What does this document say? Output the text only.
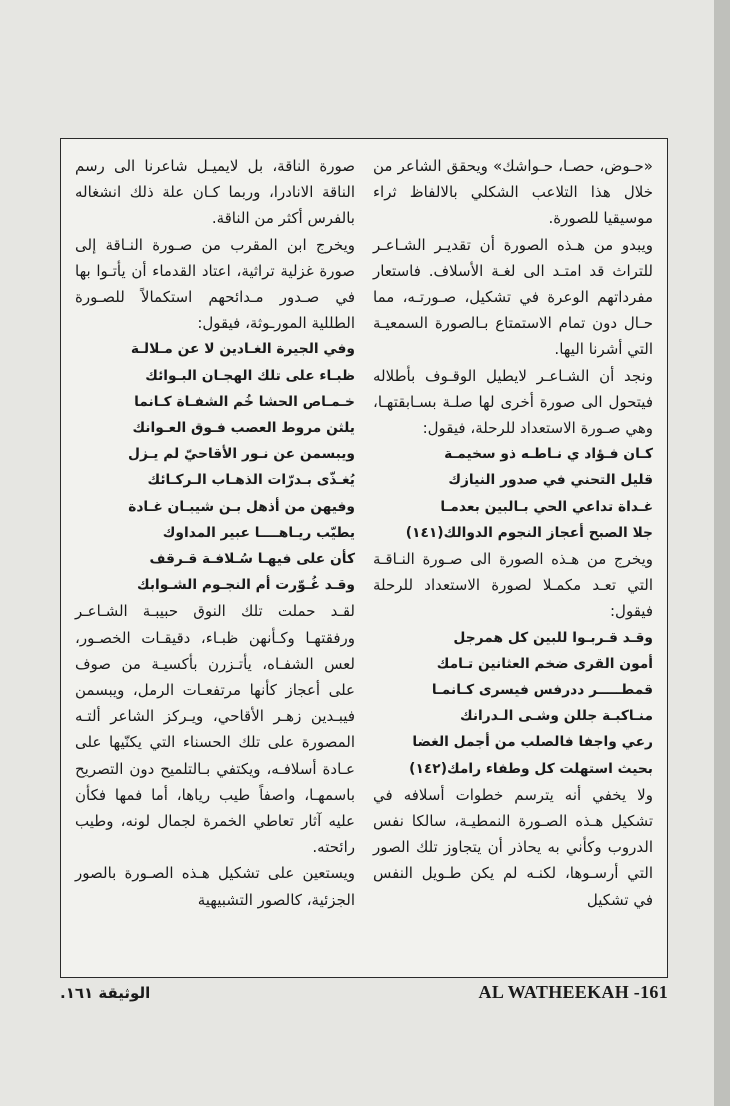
«حـوض، حصـا، حـواشك» ويحقق الشاعر من خلال هذا التلاعب الشكلي بالالفاظ ثراء موسيقيا للصورة.

ويبدو من هـذه الصورة أن تقديـر الشـاعـر للتراث قد امتـد الى لغـة الأسلاف. فاستعار مفرداتهم الوعرة في تشكيل، صـورتـه، مما حـال دون تمام الاستمتاع بـالصورة السمعيـة التي أشرنا اليها.

ونجد أن الشـاعـر لايطيل الوقـوف بأطلاله فيتحول الى صورة أخرى لها صلـة بسـابقتهـا، وهي صـورة الاستعداد للرحلة، فيقول:

كـان فـؤاد ي نـاطـه ذو سخيمـة

قليل التحني في صدور النيازك

غـداة تداعي الحي بـالبين بعدمـا

جلا الصبح أعجاز النجوم الدوالك(١٤١)

ويخرج من هـذه الصورة الى صـورة النـاقـة التي تعـد مكمـلا لصورة الاستعداد للرحلة فيقول:

وقـد قـربـوا للبين كل همرجل

أمون القرى ضخم العثانين تـامك

قمطـــــر ددرفس فيسرى كـانمـا

منـاكبـة جللن وشـى الـدرانك

رعي واجفا فالصلب من أجمل الغضا

بحيث استهلت كل وطفاء رامك(١٤٢)

ولا يخفي أنه يترسم خطوات أسلافه في تشكيل هـذه الصـورة النمطيـة، سالكا نفس الدروب وكأني به يحاذر أن يتجاوز تلك الصور التي أرسـوها، لكنـه لم يكن طـويل النفس في تشكيل

صورة الناقة، بل لايميـل شاعرنا الى رسم الناقة الانادرا، وربما كـان علة ذلك انشغاله بالفرس أكثر من الناقة.

ويخرج ابن المقرب من صـورة النـاقة إلى صورة غزلية تراثية، اعتاد القدماء أن يأتـوا بها في صـدور مـدائحهم استكمالاً للصـورة الطللية المورـوثة، فيقول:

وفي الجيرة الغـادين لا عن مـلالـة

ظبـاء على تلك الهجـان البـوائك

خـمـاص الحشا خُم الشفـاة كـانما

يلثن مروط العصب فـوق العـوانك

ويبسمن عن نـور الأقاحيّ لم يـزل

يُغـذّى بـدرّات الذهـاب الـركـائك

وفيهن من أذهل بـن شيبـان غـادة

يطيّب ريـاهــــا عبير المداوك

كأن على فيهـا سُـلافـة قـرقف

وقـد غُـوّرت أم النجـوم الشـوابك

لقـد حملت تلك النوق حبيبـة الشـاعـر ورفقتهـا وكـأنهن ظبـاء، دقيقـات الخصـور، لعس الشفـاه، يأتـزرن بأكسيـة من صوف على أعجاز كأنها مرتفعـات الرمل، ويبسمن فيبـدين زهـر الأقاحي، ويـركز الشاعر ألتـه المصورة على تلك الحسناء التي يكنّيها على عـادة أسلافـه، ويكتفي بـالتلميح دون التصريح باسمهـا، واصفاً طيب رياها، أما فمها فكأن عليه آثار تعاطي الخمرة لجمال لونه، وطيب رائحته.

ويستعين على تشكيل هـذه الصـورة بالصور الجزئية، كالصور التشبيهية

الوثيقة ١٦١.	AL WATHEEKAH -161
